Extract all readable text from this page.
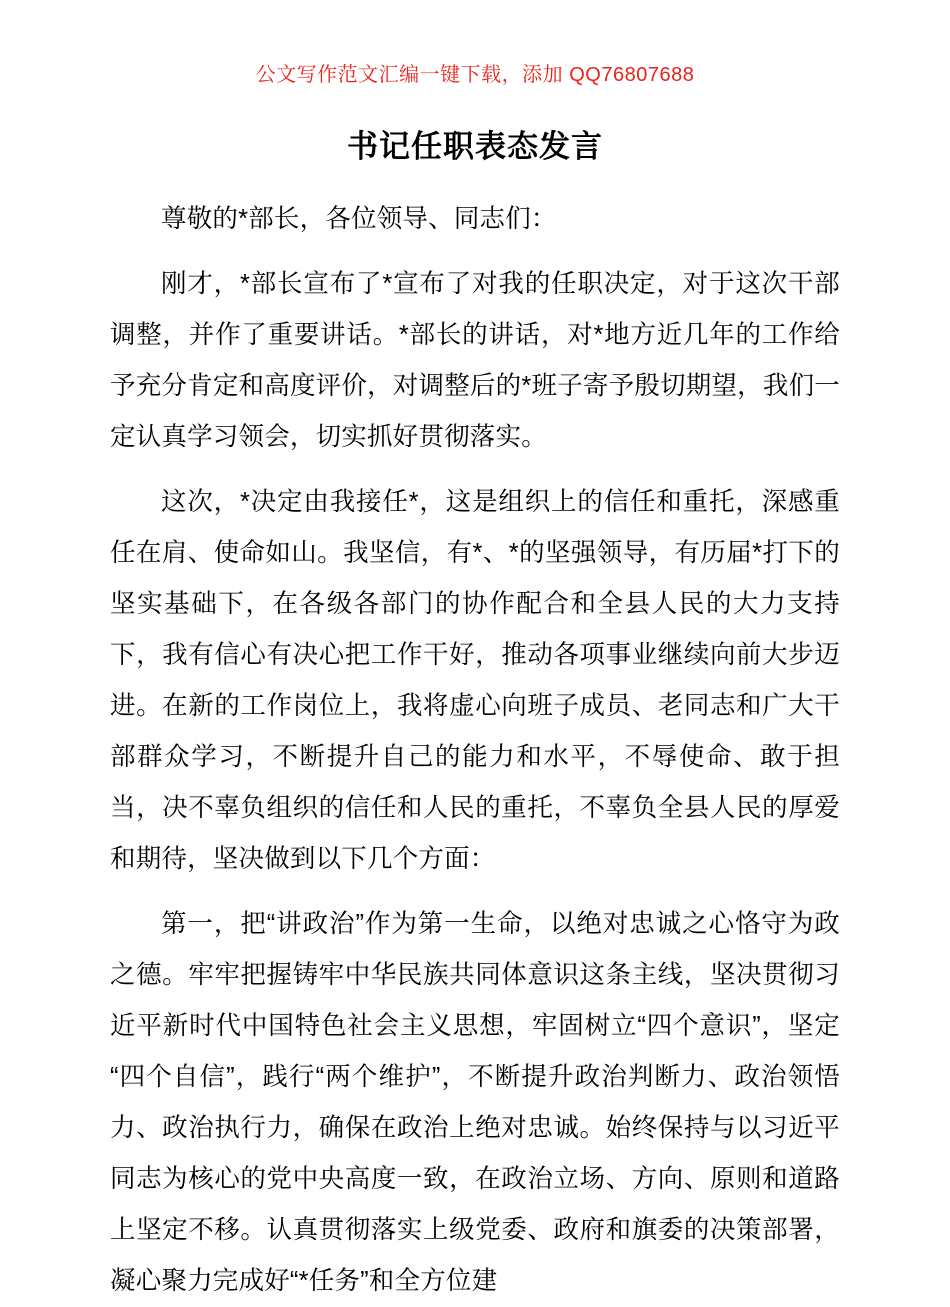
公文写作范文汇编一键下载，添加 QQ76807688
书记任职表态发言

尊敬的*部长，各位领导、同志们：

刚才，*部长宣布了*宣布了对我的任职决定，对于这次干部调整，并作了重要讲话。*部长的讲话，对*地方近几年的工作给予充分肯定和高度评价，对调整后的*班子寄予殷切期望，我们一定认真学习领会，切实抓好贯彻落实。

这次，*决定由我接任*，这是组织上的信任和重托，深感重任在肩、使命如山。我坚信，有*、*的坚强领导，有历届*打下的坚实基础下，在各级各部门的协作配合和全县人民的大力支持下，我有信心有决心把工作干好，推动各项事业继续向前大步迈进。在新的工作岗位上，我将虚心向班子成员、老同志和广大干部群众学习，不断提升自己的能力和水平，不辱使命、敢于担当，决不辜负组织的信任和人民的重托，不辜负全县人民的厚爱和期待，坚决做到以下几个方面：

第一，把“讲政治”作为第一生命，以绝对忠诚之心恪守为政之德。牢牢把握铸牢中华民族共同体意识这条主线，坚决贯彻习近平新时代中国特色社会主义思想，牢固树立“四个意识”，坚定“四个自信”，践行“两个维护”，不断提升政治判断力、政治领悟力、政治执行力，确保在政治上绝对忠诚。始终保持与以习近平同志为核心的党中央高度一致，在政治立场、方向、原则和道路上坚定不移。认真贯彻落实上级党委、政府和旗委的决策部署，凝心聚力完成好“*任务”和全方位建
